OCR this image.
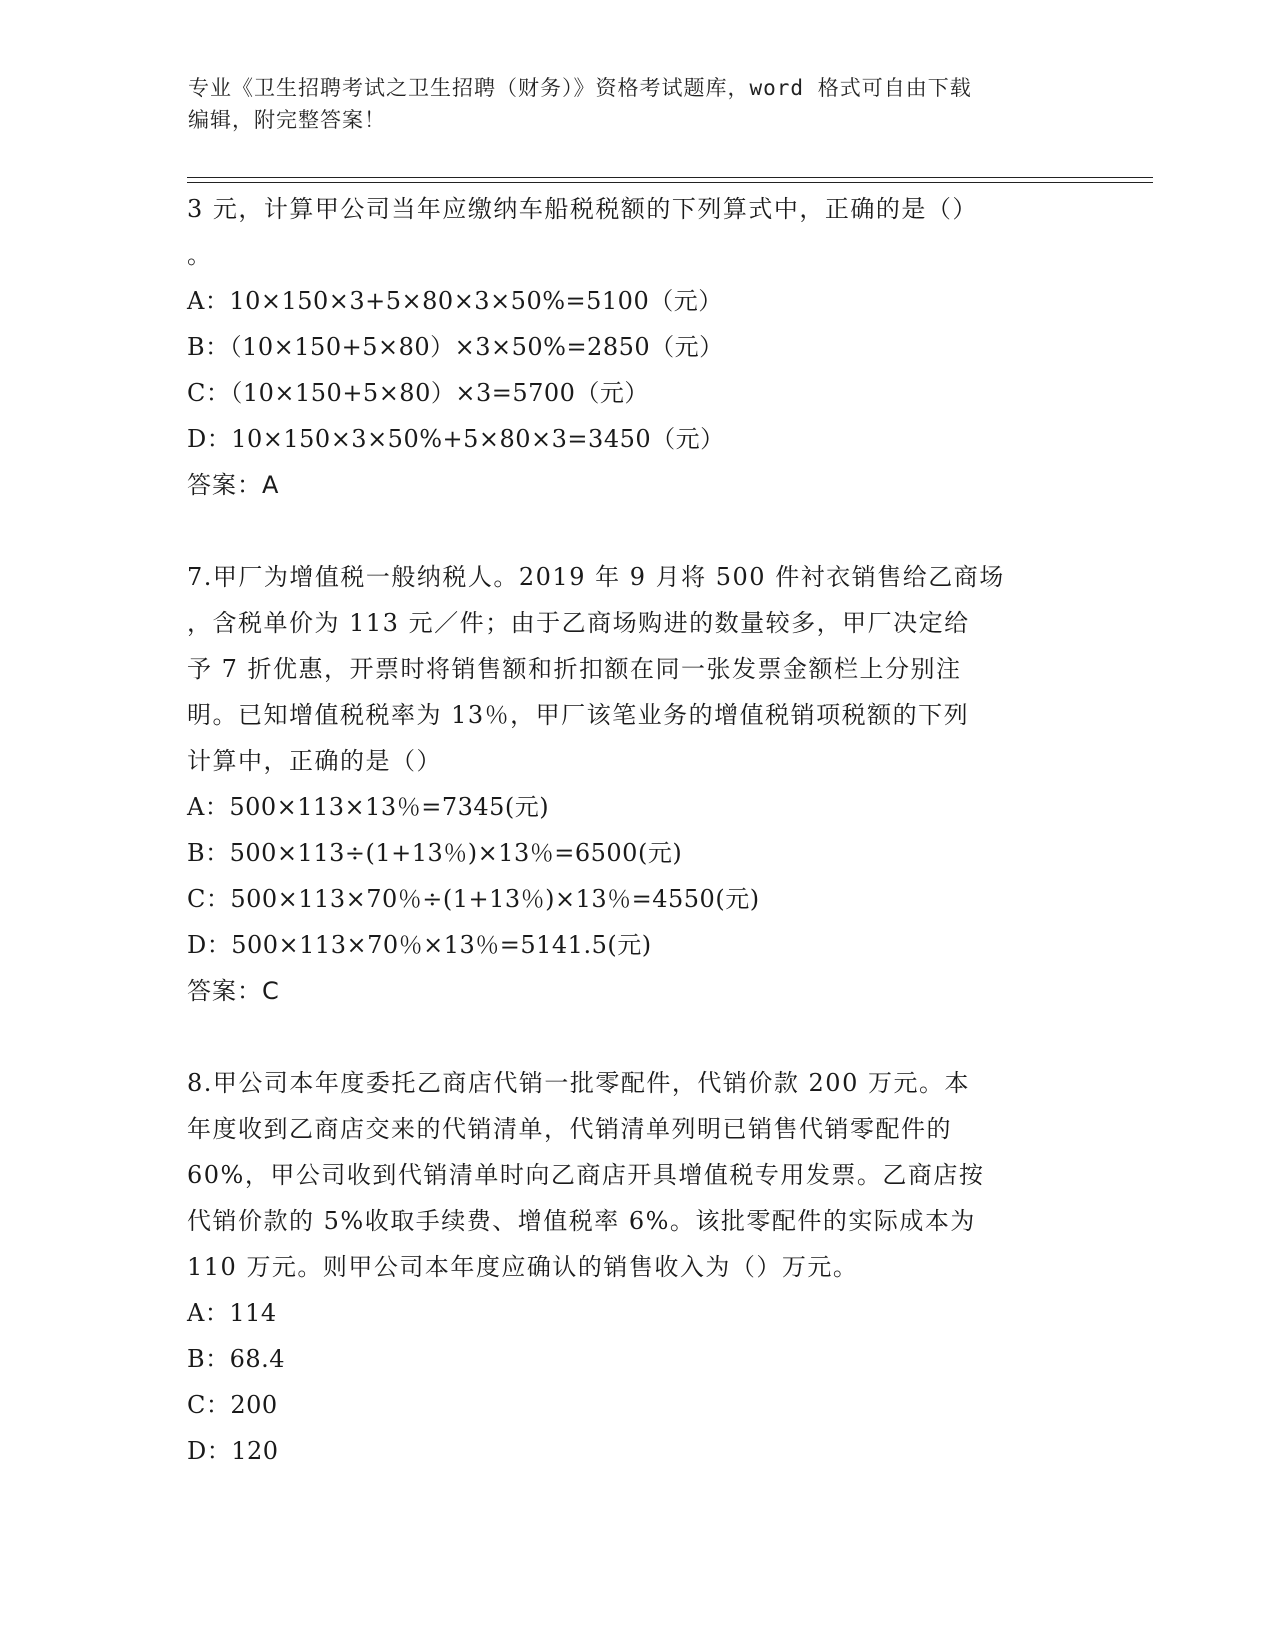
专业《卫生招聘考试之卫生招聘（财务）》资格考试题库，word 格式可自由下载

编辑，附完整答案！

3 元，计算甲公司当年应缴纳车船税税额的下列算式中，正确的是（）
。
A：10×150×3+5×80×3×50%=5100（元）
B：（10×150+5×80）×3×50%=2850（元）
C：（10×150+5×80）×3=5700（元）
D：10×150×3×50%+5×80×3=3450（元）
答案：A
7.甲厂为增值税一般纳税人。2019 年 9 月将 500 件衬衣销售给乙商场
，含税单价为 113 元／件；由于乙商场购进的数量较多，甲厂决定给
予 7 折优惠，开票时将销售额和折扣额在同一张发票金额栏上分别注
明。已知增值税税率为 13％，甲厂该笔业务的增值税销项税额的下列
计算中，正确的是（）
A：500×113×13％=7345(元)
B：500×113÷(1+13％)×13％=6500(元)
C：500×113×70％÷(1+13％)×13％=4550(元)
D：500×113×70％×13％=5141.5(元)
答案：C
8.甲公司本年度委托乙商店代销一批零配件，代销价款 200 万元。本
年度收到乙商店交来的代销清单，代销清单列明已销售代销零配件的
60%，甲公司收到代销清单时向乙商店开具增值税专用发票。乙商店按
代销价款的 5%收取手续费、增值税率 6%。该批零配件的实际成本为
110 万元。则甲公司本年度应确认的销售收入为（）万元。
A：114
B：68.4
C：200
D：120
